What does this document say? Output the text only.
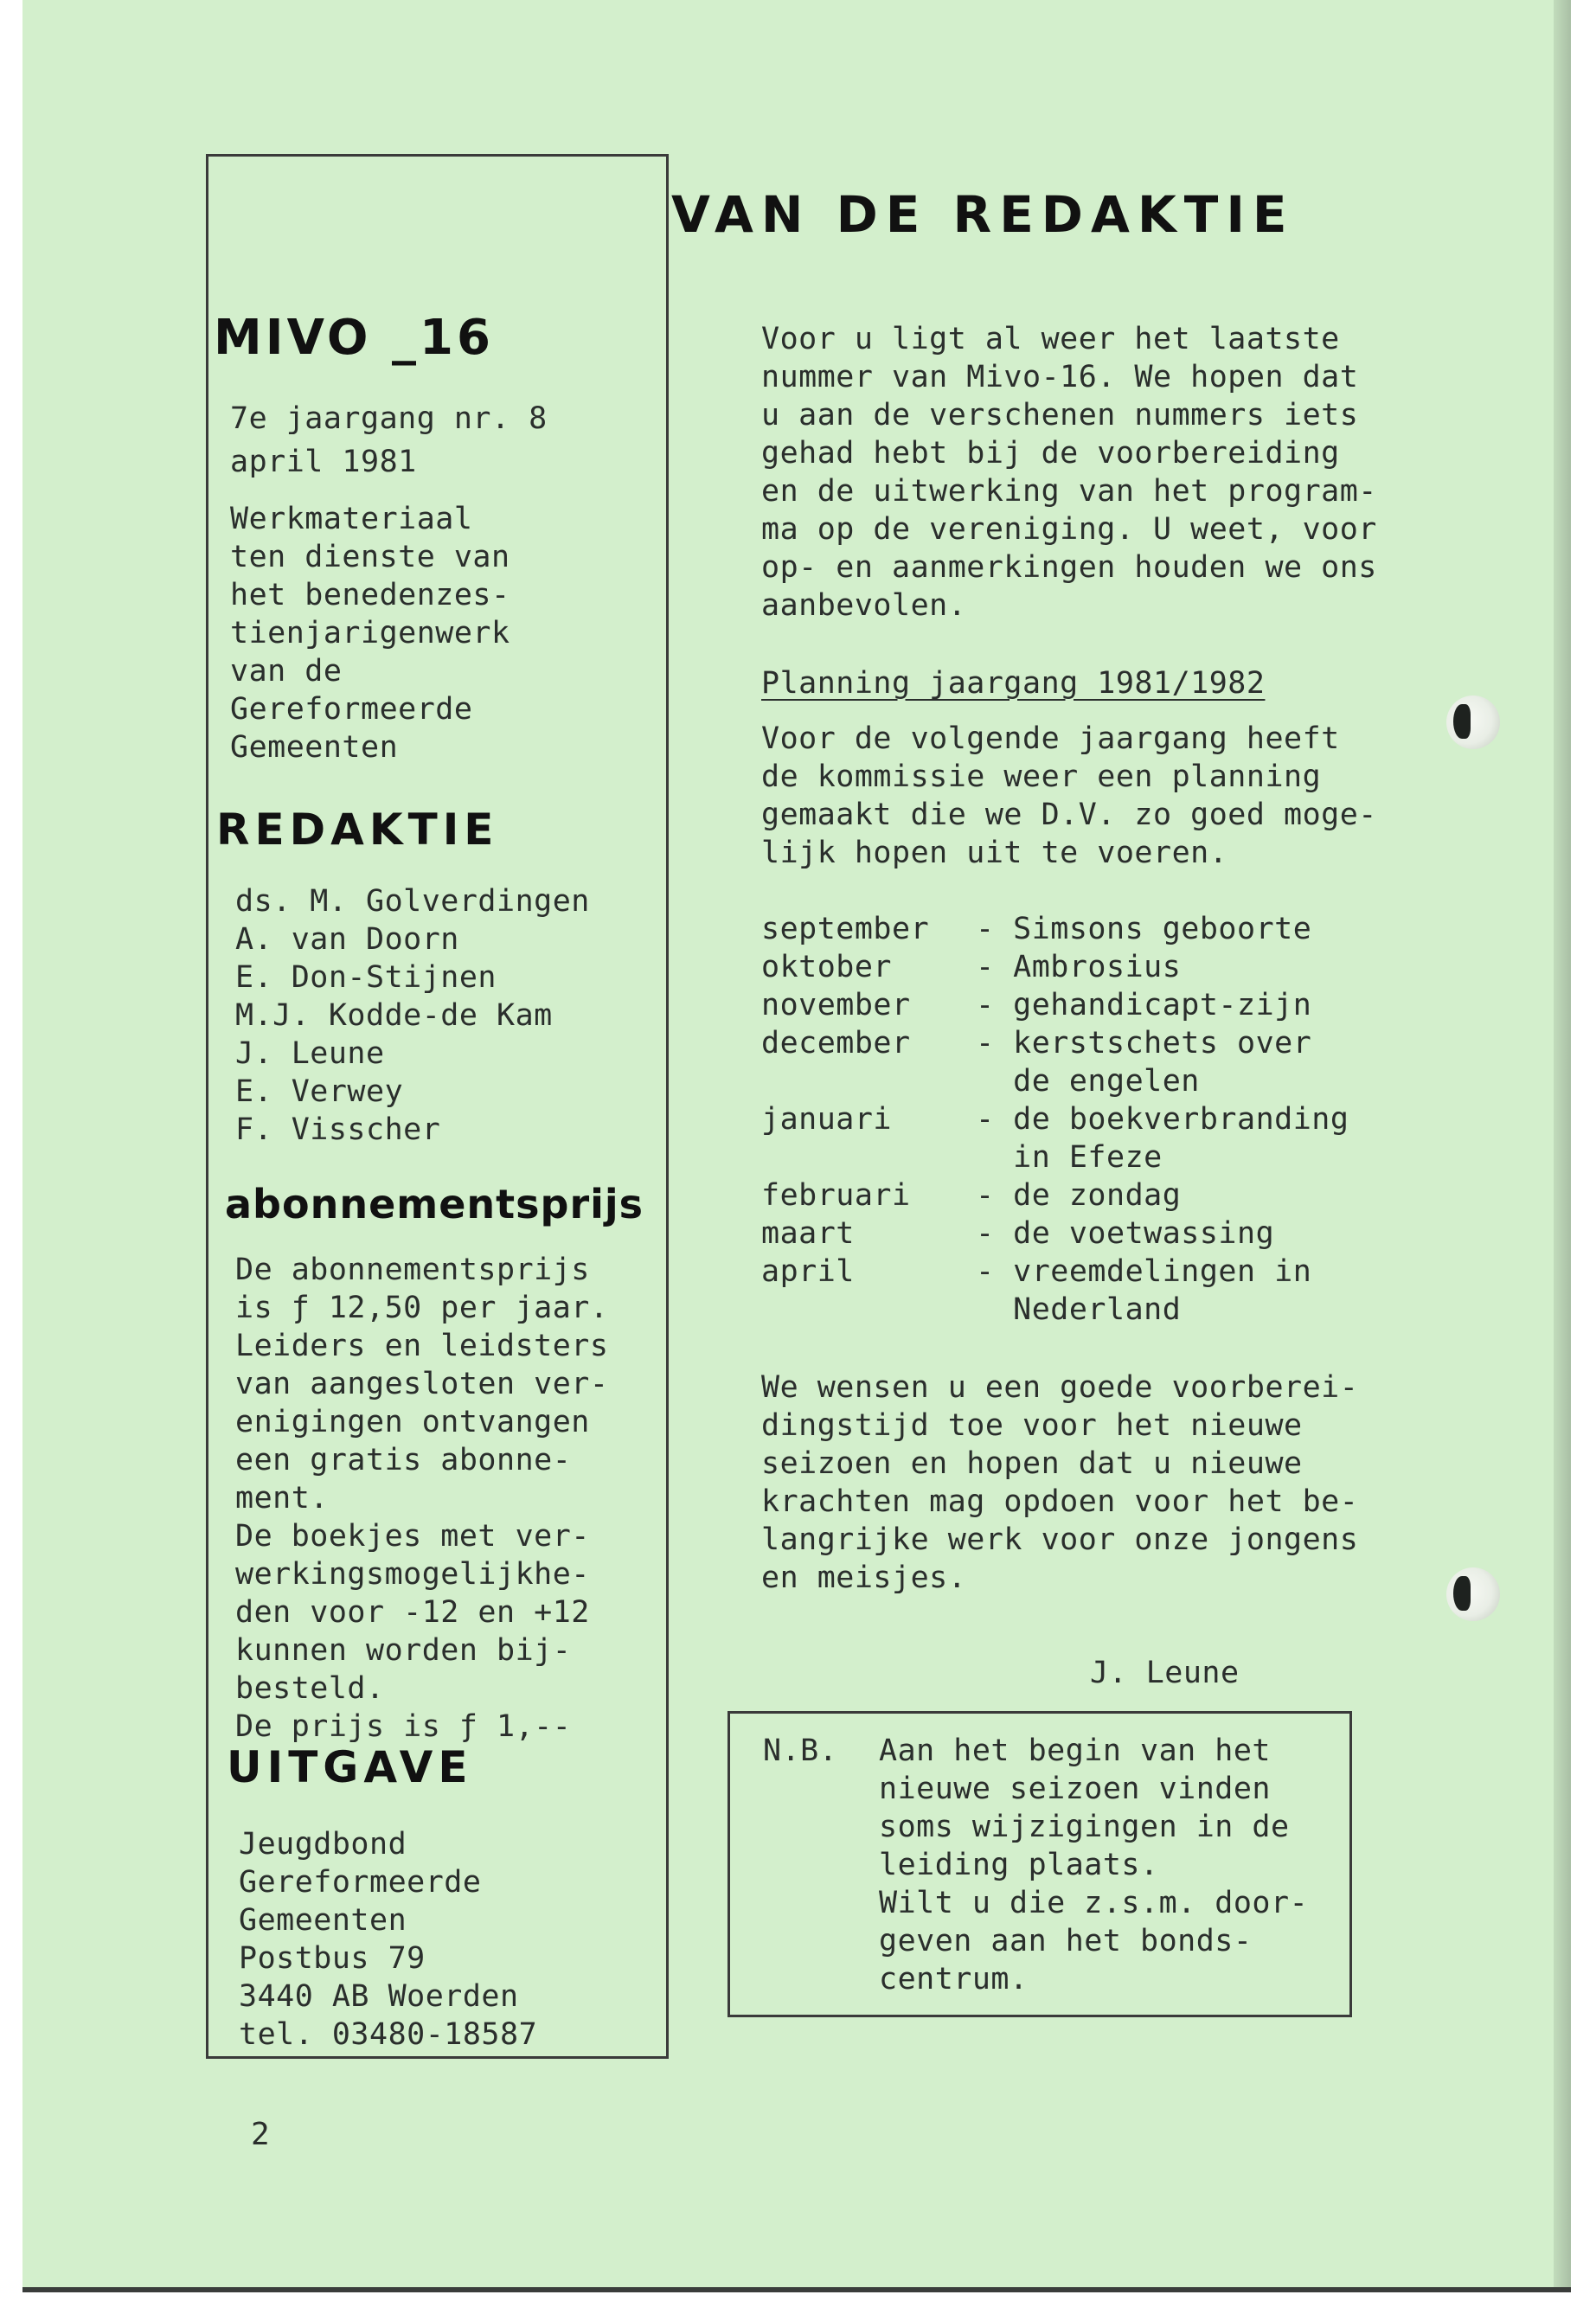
VAN DE REDAKTIE
MIVO _16
REDAKTIE
abonnementsprijs
UITGAVE
7e jaargang nr. 8
april 1981
Werkmateriaal
ten dienste van
het benedenzes-
tienjarigenwerk
van de
Gereformeerde
Gemeenten
ds. M. Golverdingen
A. van Doorn
E. Don-Stijnen
M.J. Kodde-de Kam
J. Leune
E. Verwey
F. Visscher
De abonnementsprijs
is ƒ 12,50 per jaar.
Leiders en leidsters
van aangesloten ver-
enigingen ontvangen
een gratis abonne-
ment.
De boekjes met ver-
werkingsmogelijkhe-
den voor -12 en +12
kunnen worden bij-
besteld.
De prijs is ƒ 1,--
Jeugdbond
Gereformeerde
Gemeenten
Postbus 79
3440 AB Woerden
tel. 03480-18587
Voor u ligt al weer het laatste
nummer van Mivo-16. We hopen dat
u aan de verschenen nummers iets
gehad hebt bij de voorbereiding
en de uitwerking van het program-
ma op de vereniging. U weet, voor
op- en aanmerkingen houden we ons
aanbevolen.
Planning jaargang 1981/1982
Voor de volgende jaargang heeft
de kommissie weer een planning
gemaakt die we D.V. zo goed moge-
lijk hopen uit te voeren.
september - Simsons geboorte
oktober	- Ambrosius
november - gehandicapt-zijn
december - kerstschets over
de engelen
januari	- de boekverbranding
in Efeze
februari - de zondag
maart	- de voetwassing
april	- vreemdelingen in
Nederland
We wensen u een goede voorberei-
dingstijd toe voor het nieuwe
seizoen en hopen dat u nieuwe
krachten mag opdoen voor het be-
langrijke werk voor onze jongens
en meisjes.
J. Leune
N.B. Aan het begin van het
nieuwe seizoen vinden
soms wijzigingen in de
leiding plaats.
Wilt u die z.s.m. door-
geven aan het bonds-
centrum.
2
